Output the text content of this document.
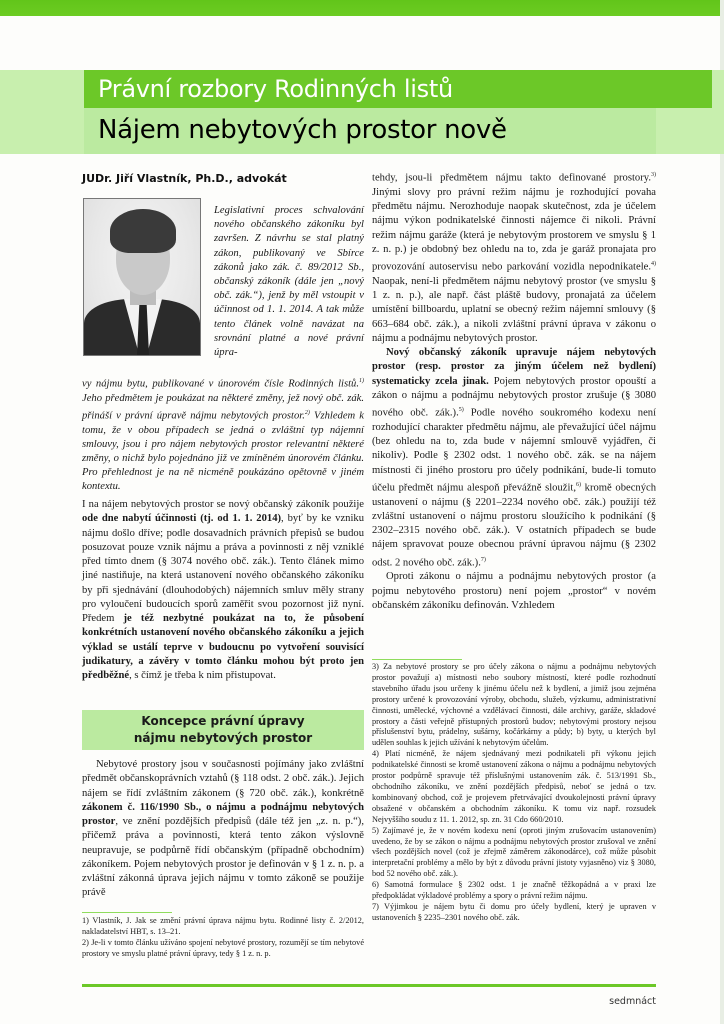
Právní rozbory Rodinných listů
Nájem nebytových prostor nově
JUDr. Jiří Vlastník, Ph.D., advokát
Legislativní proces schvalování nového občanského zákoníku byl završen. Z návrhu se stal platný zákon, publikovaný ve Sbírce zákonů jako zák. č. 89/2012 Sb., občanský zákoník (dále jen „nový obč. zák.“), jenž by měl vstoupit v účinnost od 1. 1. 2014. A tak může tento článek volně navázat na srovnání platné a nové právní úpra-
vy nájmu bytu, publikované v únorovém čísle Rodinných listů.$^{1)}$ Jeho předmětem je poukázat na některé změny, jež nový obč. zák. přináší v právní úpravě nájmu nebytových prostor.$^{2)}$ Vzhledem k tomu, že v obou případech se jedná o zvláštní typ nájemní smlouvy, jsou i pro nájem nebytových prostor relevantní některé změny, o nichž bylo pojednáno již ve zmíněném únorovém článku. Pro přehlednost je na ně nicméně poukázáno opětovně v jiném kontextu.
I na nájem nebytových prostor se nový občanský zákoník použije ode dne nabytí účinnosti (tj. od 1. 1. 2014), byť by ke vzniku nájmu došlo dříve; podle dosavadních právních přepisů se budou posuzovat pouze vznik nájmu a práva a povinnosti z něj vzniklé před tímto dnem (§ 3074 nového obč. zák.). Tento článek mimo jiné nastiňuje, na která ustanovení nového občanského zákoníku by při sjednávání (dlouhodobých) nájemních smluv měly strany pro vyloučení budoucích sporů zaměřit svou pozornost již nyní. Předem je též nezbytné poukázat na to, že působení konkrétních ustanovení nového občanského zákoníku a jejich výklad se ustálí teprve v budoucnu po vytvoření souvisící judikatury, a závěry v tomto článku mohou být proto jen předběžné, s čímž je třeba k nim přistupovat.
Koncepce právní úpravy
nájmu nebytových prostor

Nebytové prostory jsou v současnosti pojímány jako zvláštní předmět občanskoprávních vztahů (§ 118 odst. 2 obč. zák.). Jejich nájem se řídí zvláštním zákonem (§ 720 obč. zák.), konkrétně zákonem č. 116/1990 Sb., o nájmu a podnájmu nebytových prostor, ve znění pozdějších předpisů (dále též jen „z. n. p.“), přičemž práva a povinnosti, která tento zákon výslovně neupravuje, se podpůrně řídí občanským (případně obchodním) zákoníkem. Pojem nebytových prostor je definován v § 1 z. n. p. a zvláštní zákonná úprava jejich nájmu v tomto zákoně se použije právě

1) Vlastník, J. Jak se změní právní úprava nájmu bytu. Rodinné listy č. 2/2012, nakladatelství HBT, s. 13–21.
2) Je-li v tomto článku užíváno spojení nebytové prostory, rozumějí se tím nebytové prostory ve smyslu platné právní úpravy, tedy § 1 z. n. p.

tehdy, jsou-li předmětem nájmu takto definované prostory.$^{3)}$ Jinými slovy pro právní režim nájmu je rozhodující povaha předmětu nájmu. Nerozhoduje naopak skutečnost, zda je účelem nájmu výkon podnikatelské činnosti nájemce či nikoli. Právní režim nájmu garáže (která je nebytovým prostorem ve smyslu § 1 z. n. p.) je obdobný bez ohledu na to, zda je garáž pronajata pro provozování autoservisu nebo parkování vozidla nepodnikatele.$^{4)}$ Naopak, není-li předmětem nájmu nebytový prostor (ve smyslu § 1 z. n. p.), ale např. část pláště budovy, pronajatá za účelem umístění billboardu, uplatní se obecný režim nájemní smlouvy (§ 663–684 obč. zák.), a nikoli zvláštní právní úprava v zákonu o nájmu a podnájmu nebytových prostor.

Nový občanský zákoník upravuje nájem nebytových prostor (resp. prostor za jiným účelem než bydlení) systematicky zcela jinak. Pojem nebytových prostor opouští a zákon o nájmu a podnájmu nebytových prostor zrušuje (§ 3080 nového obč. zák.).$^{5)}$ Podle nového soukromého kodexu není rozhodující charakter předmětu nájmu, ale převažující účel nájmu (bez ohledu na to, zda bude v nájemní smlouvě vyjádřen, či nikoliv). Podle § 2302 odst. 1 nového obč. zák. se na nájem místnosti či jiného prostoru pro účely podnikání, bude-li tomuto účelu předmět nájmu alespoň převážně sloužit,$^{6)}$ kromě obecných ustanovení o nájmu (§ 2201–2234 nového obč. zák.) použijí též zvláštní ustanovení o nájmu prostoru sloužícího k podnikání (§ 2302–2315 nového obč. zák.). V ostatních případech se bude nájem spravovat pouze obecnou právní úpravou nájmu (§ 2302 odst. 2 nového obč. zák.).$^{7)}$

Oproti zákonu o nájmu a podnájmu nebytových prostor (a pojmu nebytového prostoru) není pojem „prostor“ v novém občanském zákoníku definován. Vzhledem

3) Za nebytové prostory se pro účely zákona o nájmu a podnájmu nebytových prostor považují a) místnosti nebo soubory místností, které podle rozhodnutí stavebního úřadu jsou určeny k jinému účelu než k bydlení, a jimiž jsou zejména prostory určené k provozování výroby, obchodu, služeb, výzkumu, administrativní činnosti, umělecké, výchovné a vzdělávací činnosti, dále archivy, garáže, skladové prostory a části veřejně přístupných prostorů budov; nebytovými prostory nejsou příslušenství bytu, prádelny, sušárny, kočárkárny a půdy; b) byty, u kterých byl udělen souhlas k jejich užívání k nebytovým účelům.
4) Platí nicméně, že nájem sjednávaný mezi podnikateli při výkonu jejich podnikatelské činnosti se kromě ustanovení zákona o nájmu a podnájmu nebytových prostor podpůrně spravuje též příslušnými ustanovením zák. č. 513/1991 Sb., obchodního zákoníku, ve znění pozdějších předpisů, neboť se jedná o tzv. kombinovaný obchod, což je projevem přetrvávající dvoukolejnosti právní úpravy obsažené v občanském a obchodním zákoníku. K tomu viz např. rozsudek Nejvyššího soudu z 11. 1. 2012, sp. zn. 31 Cdo 660/2010.
5) Zajímavé je, že v novém kodexu není (oproti jiným zrušovacím ustanovením) uvedeno, že by se zákon o nájmu a podnájmu nebytových prostor zrušoval ve znění všech pozdějších novel (což je zřejmě záměrem zákonodárce), což může působit interpretační problémy a mělo by být z důvodu právní jistoty vyjasněno) viz § 3080, bod 52 nového obč. zák.).
6) Samotná formulace § 2302 odst. 1 je značně těžkopádná a v praxi lze předpokládat výkladové problémy a spory o právní režim nájmu.
7) Výjimkou je nájem bytu či domu pro účely bydlení, který je upraven v ustanoveních § 2235–2301 nového obč. zák.
sedmnáct
